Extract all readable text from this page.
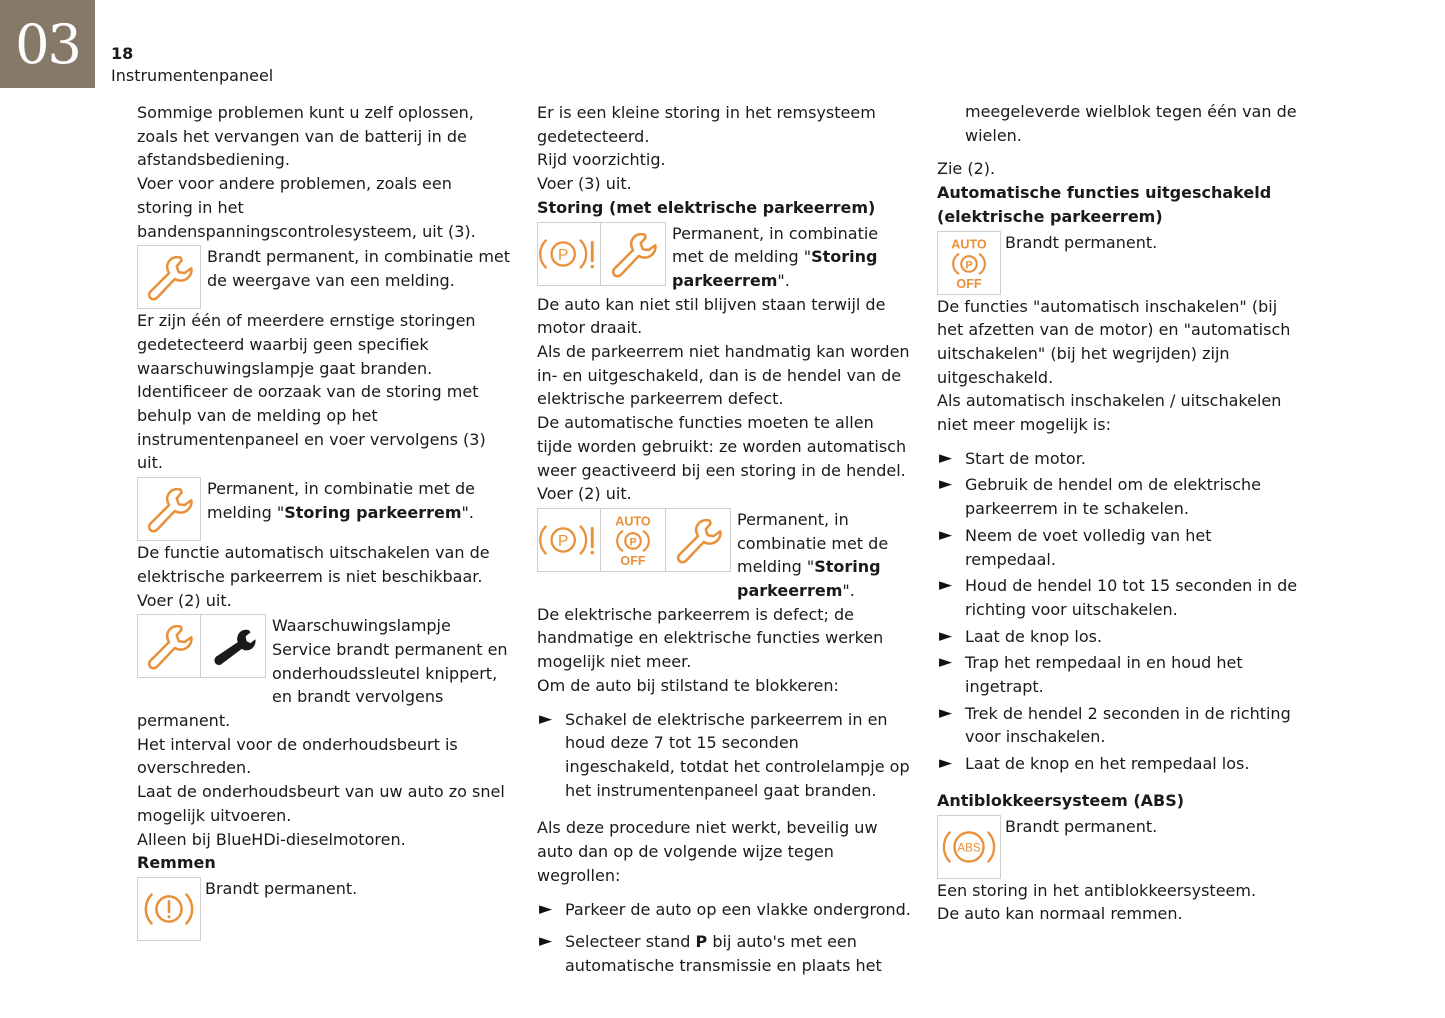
03	18
Instrumentenpaneel

Sommige problemen kunt u zelf oplossen, zoals het vervangen van de batterij in de afstandsbediening.

Voer voor andere problemen, zoals een storing in het bandenspanningscontrolesysteem, uit (3).

Brandt permanent, in combinatie met de weergave van een melding.

Er zijn één of meerdere ernstige storingen gedetecteerd waarbij geen specifiek waarschuwingslampje gaat branden.

Identificeer de oorzaak van de storing met behulp van de melding op het instrumentenpaneel en voer vervolgens (3) uit.

Permanent, in combinatie met de melding "Storing parkeerrem".

De functie automatisch uitschakelen van de elektrische parkeerrem is niet beschikbaar.

Voer (2) uit.

Waarschuwingslampje Service brandt permanent en onderhoudssleutel knippert, en brandt vervolgens

permanent.

Het interval voor de onderhoudsbeurt is overschreden.

Laat de onderhoudsbeurt van uw auto zo snel mogelijk uitvoeren.

Alleen bij BlueHDi-dieselmotoren.

Remmen

Brandt permanent.

Er is een kleine storing in het remsysteem gedetecteerd.

Rijd voorzichtig.

Voer (3) uit.

Storing (met elektrische parkeerrem)

Permanent, in combinatie met de melding "Storing parkeerrem".

De auto kan niet stil blijven staan terwijl de motor draait.

Als de parkeerrem niet handmatig kan worden in- en uitgeschakeld, dan is de hendel van de elektrische parkeerrem defect.

De automatische functies moeten te allen tijde worden gebruikt: ze worden automatisch weer geactiveerd bij een storing in de hendel.

Voer (2) uit.

Permanent, in combinatie met de melding "Storing parkeerrem".

De elektrische parkeerrem is defect; de handmatige en elektrische functies werken mogelijk niet meer.

Om de auto bij stilstand te blokkeren:

► Schakel de elektrische parkeerrem in en houd deze 7 tot 15 seconden ingeschakeld, totdat het controlelampje op het instrumentenpaneel gaat branden.

Als deze procedure niet werkt, beveilig uw auto dan op de volgende wijze tegen wegrollen:

► Parkeer de auto op een vlakke ondergrond.
► Selecteer stand P bij auto's met een automatische transmissie en plaats het

meegeleverde wielblok tegen één van de wielen.

Zie (2).

Automatische functies uitgeschakeld (elektrische parkeerrem)

Brandt permanent.

De functies "automatisch inschakelen" (bij het afzetten van de motor) en "automatisch uitschakelen" (bij het wegrijden) zijn uitgeschakeld.

Als automatisch inschakelen / uitschakelen niet meer mogelijk is:

► Start de motor.
► Gebruik de hendel om de elektrische parkeerrem in te schakelen.
► Neem de voet volledig van het rempedaal.
► Houd de hendel 10 tot 15 seconden in de richting voor uitschakelen.
► Laat de knop los.
► Trap het rempedaal in en houd het ingetrapt.
► Trek de hendel 2 seconden in de richting voor inschakelen.
► Laat de knop en het rempedaal los.

Antiblokkeersysteem (ABS)

Brandt permanent.

Een storing in het antiblokkeersysteem.

De auto kan normaal remmen.
